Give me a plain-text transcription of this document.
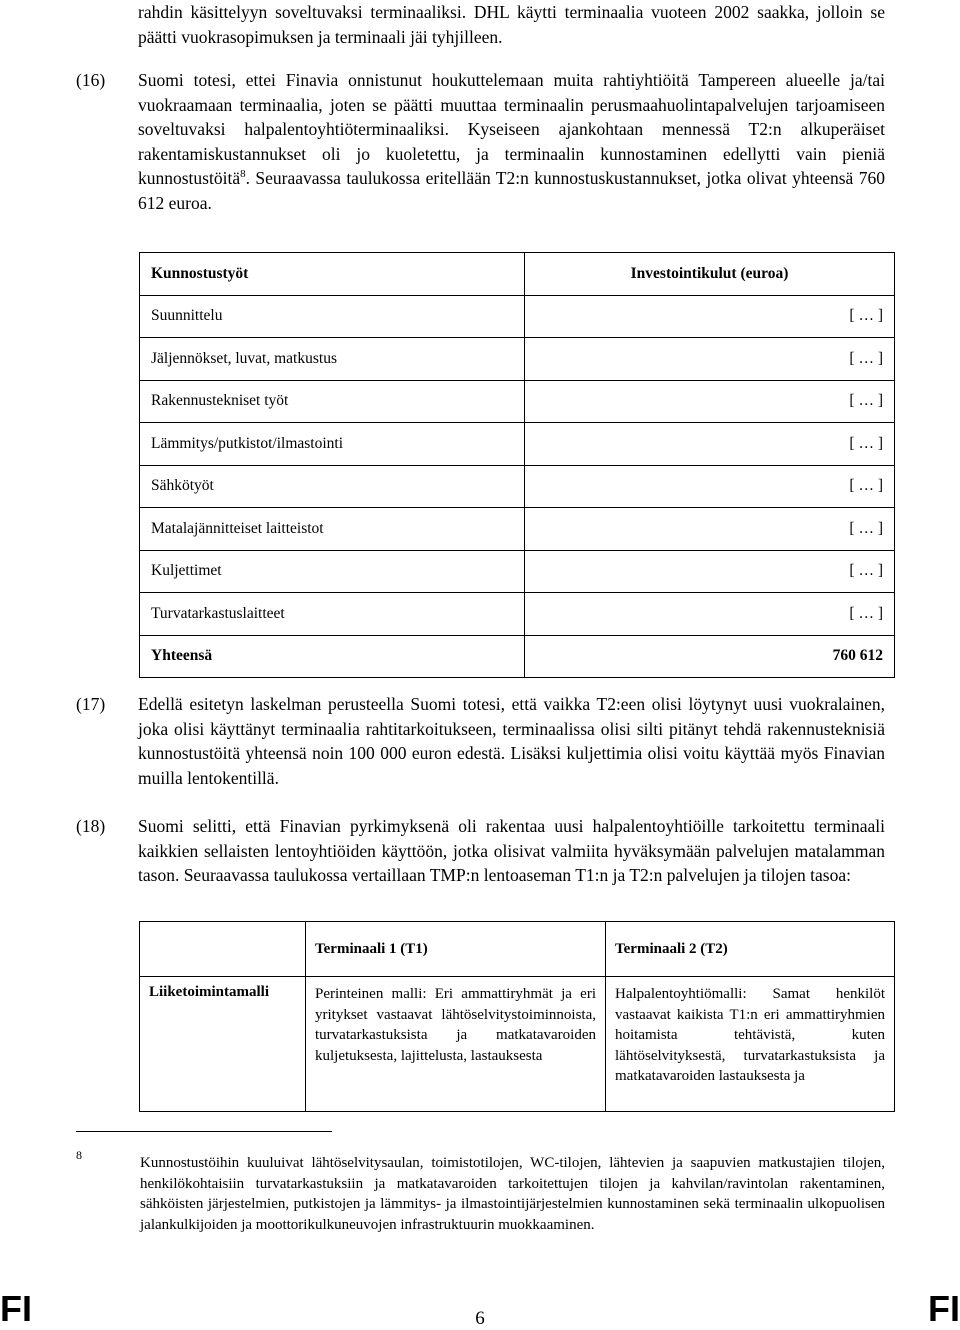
rahdin käsittelyyn soveltuvaksi terminaaliksi. DHL käytti terminaalia vuoteen 2002 saakka, jolloin se päätti vuokrasopimuksen ja terminaali jäi tyhjilleen.
(16) Suomi totesi, ettei Finavia onnistunut houkuttelemaan muita rahtiyhtiöitä Tampereen alueelle ja/tai vuokraamaan terminaalia, joten se päätti muuttaa terminaalin perusmaahuolintapalvelujen tarjoamiseen soveltuvaksi halpalentoyhtiöterminaaliksi. Kyseiseen ajankohtaan mennessä T2:n alkuperäiset rakentamiskustannukset oli jo kuoletettu, ja terminaalin kunnostaminen edellytti vain pieniä kunnostustöitä$^8$. Seuraavassa taulukossa eritellään T2:n kunnostuskustannukset, jotka olivat yhteensä 760 612 euroa.
Kunnostustyöt	Investointikulut (euroa)
Suunnittelu	[ … ]
Jäljennökset, luvat, matkustus	[ … ]
Rakennustekniset työt	[ … ]
Lämmitys/putkistot/ilmastointi	[ … ]
Sähkötyöt	[ … ]
Matalajännitteiset laitteistot	[ … ]
Kuljettimet	[ … ]
Turvatarkastuslaitteet	[ … ]
Yhteensä	760 612
(17) Edellä esitetyn laskelman perusteella Suomi totesi, että vaikka T2:een olisi löytynyt uusi vuokralainen, joka olisi käyttänyt terminaalia rahtitarkoitukseen, terminaalissa olisi silti pitänyt tehdä rakennusteknisiä kunnostustöitä yhteensä noin 100 000 euron edestä. Lisäksi kuljettimia olisi voitu käyttää myös Finavian muilla lentokentillä.
(18) Suomi selitti, että Finavian pyrkimyksenä oli rakentaa uusi halpalentoyhtiöille tarkoitettu terminaali kaikkien sellaisten lentoyhtiöiden käyttöön, jotka olisivat valmiita hyväksymään palvelujen matalamman tason. Seuraavassa taulukossa vertaillaan TMP:n lentoaseman T1:n ja T2:n palvelujen ja tilojen tasoa:
	Terminaali 1 (T1)	Terminaali 2 (T2)
Liiketoimintamalli	Perinteinen malli: Eri ammattiryhmät ja eri yritykset vastaavat lähtöselvitystoiminnoista, turvatarkastuksista ja matkatavaroiden kuljetuksesta, lajittelusta, lastauksesta	Halpalentoyhtiömalli: Samat henkilöt vastaavat kaikista T1:n eri ammattiryhmien hoitamista tehtävistä, kuten lähtöselvityksestä, turvatarkastuksista ja matkatavaroiden lastauksesta ja
8	Kunnostustöihin kuuluivat lähtöselvitysaulan, toimistotilojen, WC-tilojen, lähtevien ja saapuvien matkustajien tilojen, henkilökohtaisiin turvatarkastuksiin ja matkatavaroiden tarkoitettujen tilojen ja kahvilan/ravintolan rakentaminen, sähköisten järjestelmien, putkistojen ja lämmitys- ja ilmastointijärjestelmien kunnostaminen sekä terminaalin ulkopuolisen jalankulkijoiden ja moottorikulkuneuvojen infrastruktuurin muokkaaminen.
FI	6	FI
